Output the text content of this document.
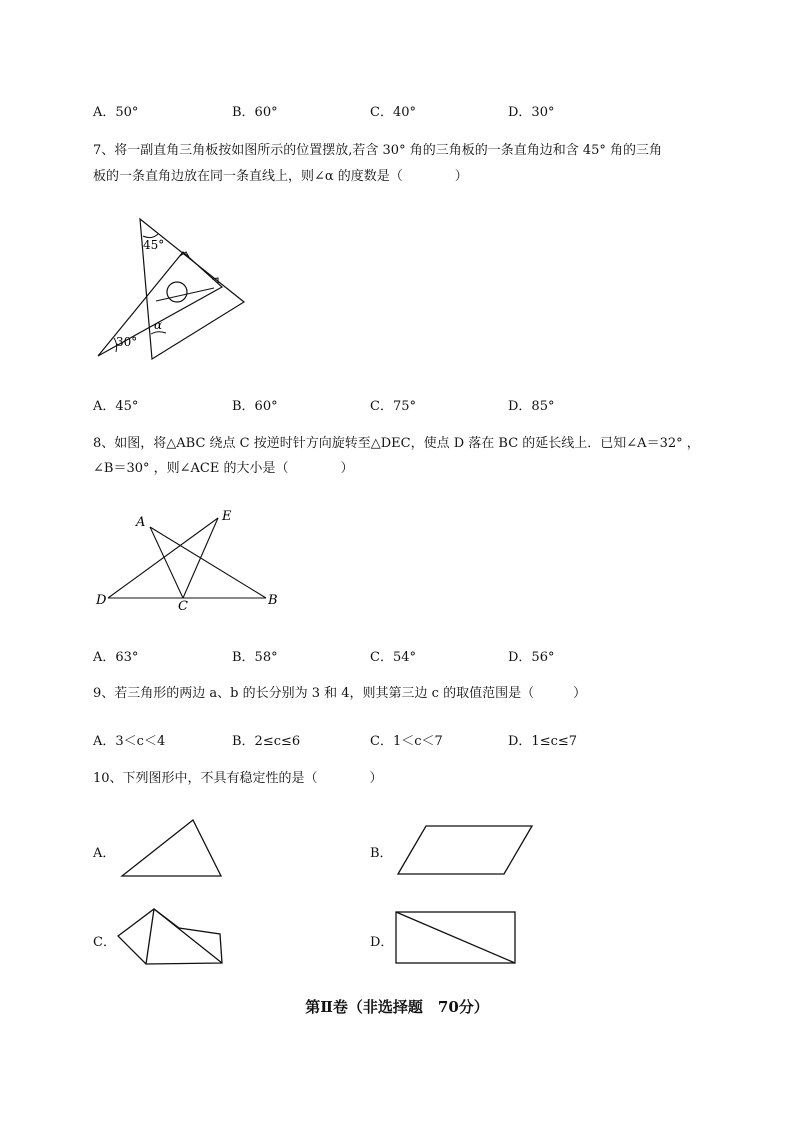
A．50°	B．60°	C．40°	D．30°
7、将一副直角三角板按如图所示的位置摆放,若含 30° 角的三角板的一条直角边和含 45° 角的三角
板的一条直角边放在同一条直线上，则∠α 的度数是（　　　　）
45°
30°
α
A．45°	B．60°	C．75°	D．85°
8、如图，将△ABC 绕点 C 按逆时针方向旋转至△DEC，使点 D 落在 BC 的延长线上．已知∠A＝32° ，
∠B＝30° ，则∠ACE 的大小是（　　　　）
A	E
D	C	B
A．63°	B．58°	C．54°	D．56°
9、若三角形的两边 a、b 的长分别为 3 和 4，则其第三边 c 的取值范围是（　　　）
A．3＜c＜4	B．2≤c≤6	C．1＜c＜7	D．1≤c≤7
10、下列图形中，不具有稳定性的是（　　　　）
A．	B．
C．	D．
第Ⅱ卷（非选择题　70分）
